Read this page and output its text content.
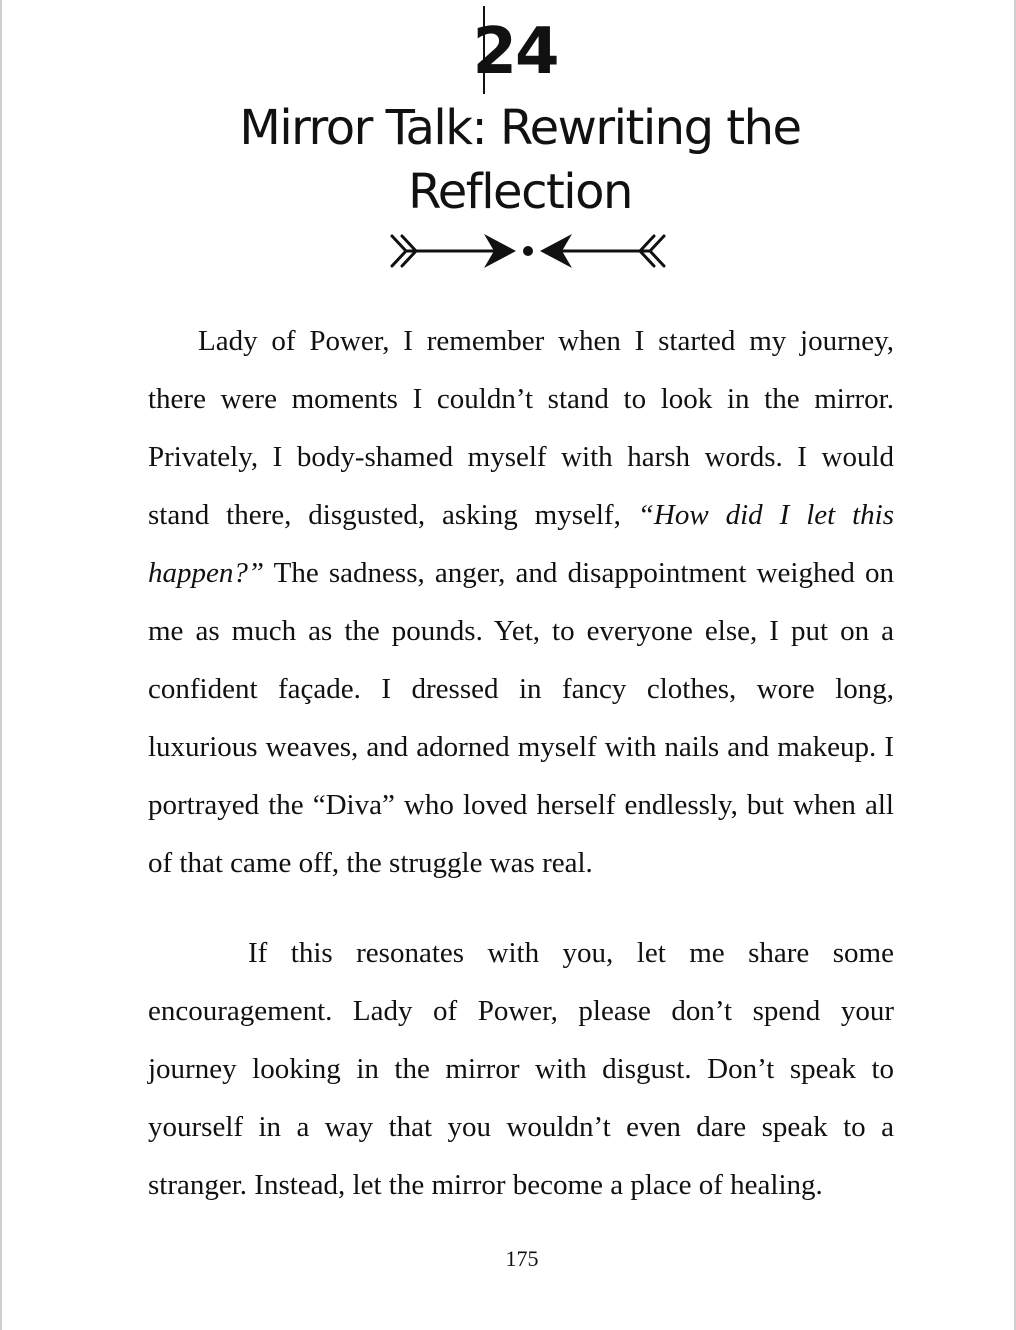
24
Mirror Talk: Rewriting the Reflection

Lady of Power, I remember when I started my journey, there were moments I couldn’t stand to look in the mirror. Privately, I body-shamed myself with harsh words. I would stand there, disgusted, asking myself, “How did I let this happen?” The sadness, anger, and disappointment weighed on me as much as the pounds. Yet, to everyone else, I put on a confident façade. I dressed in fancy clothes, wore long, luxurious weaves, and adorned myself with nails and makeup. I portrayed the “Diva” who loved herself endlessly, but when all of that came off, the struggle was real.

If this resonates with you, let me share some encouragement. Lady of Power, please don’t spend your journey looking in the mirror with disgust. Don’t speak to yourself in a way that you wouldn’t even dare speak to a stranger. Instead, let the mirror become a place of healing.

175
